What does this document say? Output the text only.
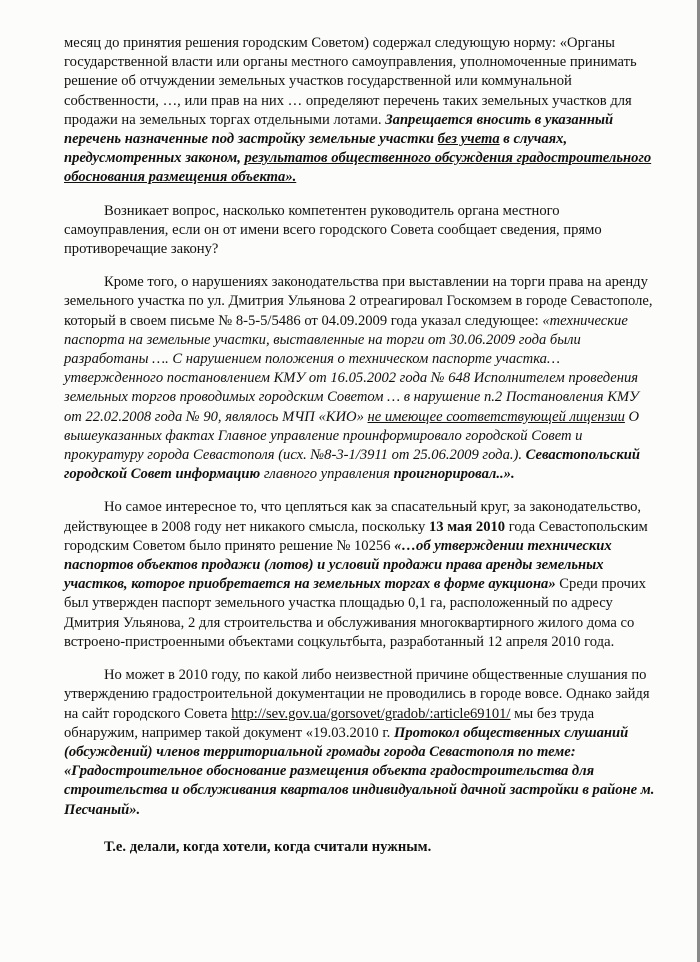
месяц до принятия решения городским Советом) содержал следующую норму: «Органы государственной власти или органы местного самоуправления, уполномоченные принимать решение об отчуждении земельных участков государственной или коммунальной собственности, …, или прав на них … определяют перечень таких земельных участков для продажи на земельных торгах отдельными лотами. Запрещается вносить в указанный перечень назначенные под застройку земельные участки без учета в случаях, предусмотренных законом, результатов общественного обсуждения градостроительного обоснования размещения объекта».

Возникает вопрос, насколько компетентен руководитель органа местного самоуправления, если он от имени всего городского Совета сообщает сведения, прямо противоречащие закону?

Кроме того, о нарушениях законодательства при выставлении на торги права на аренду земельного участка по ул. Дмитрия Ульянова 2 отреагировал Госкомзем в городе Севастополе, который в своем письме № 8-5-5/5486 от 04.09.2009 года указал следующее: «технические паспорта на земельные участки, выставленные на торги от 30.06.2009 года были разработаны …. С нарушением положения о техническом паспорте участка… утвержденного постановлением КМУ от 16.05.2002 года № 648 Исполнителем проведения земельных торгов проводимых городским Советом … в нарушение п.2 Постановления КМУ от 22.02.2008 года № 90, являлось МЧП «КИО» не имеющее соответствующей лицензии О вышеуказанных фактах Главное управление проинформировало городской Совет и прокуратуру города Севастополя (исх. №8-3-1/3911 от 25.06.2009 года.). Севастопольский городской Совет информацию главного управления проигнорировал..».

Но самое интересное то, что цепляться как за спасательный круг, за законодательство, действующее в 2008 году нет никакого смысла, поскольку 13 мая 2010 года Севастопольским городским Советом было принято решение № 10256 «…об утверждении технических паспортов объектов продажи (лотов) и условий продажи права аренды земельных участков, которое приобретается на земельных торгах в форме аукциона» Среди прочих был утвержден паспорт земельного участка площадью 0,1 га, расположенный по адресу Дмитрия Ульянова, 2 для строительства и обслуживания многоквартирного жилого дома со встроено-пристроенными объектами соцкультбыта, разработанный 12 апреля 2010 года.

Но может в 2010 году, по какой либо неизвестной причине общественные слушания по утверждению градостроительной документации не проводились в городе вовсе. Однако зайдя на сайт городского Совета http://sev.gov.ua/gorsovet/gradob/:article69101/ мы без труда обнаружим, например такой документ «19.03.2010 г. Протокол общественных слушаний (обсуждений) членов территориальной громады города Севастополя по теме: «Градостроительное обоснование размещения объекта градостроительства для строительства и обслуживания кварталов индивидуальной дачной застройки в районе м. Песчаный».

Т.е. делали, когда хотели, когда считали нужным.
